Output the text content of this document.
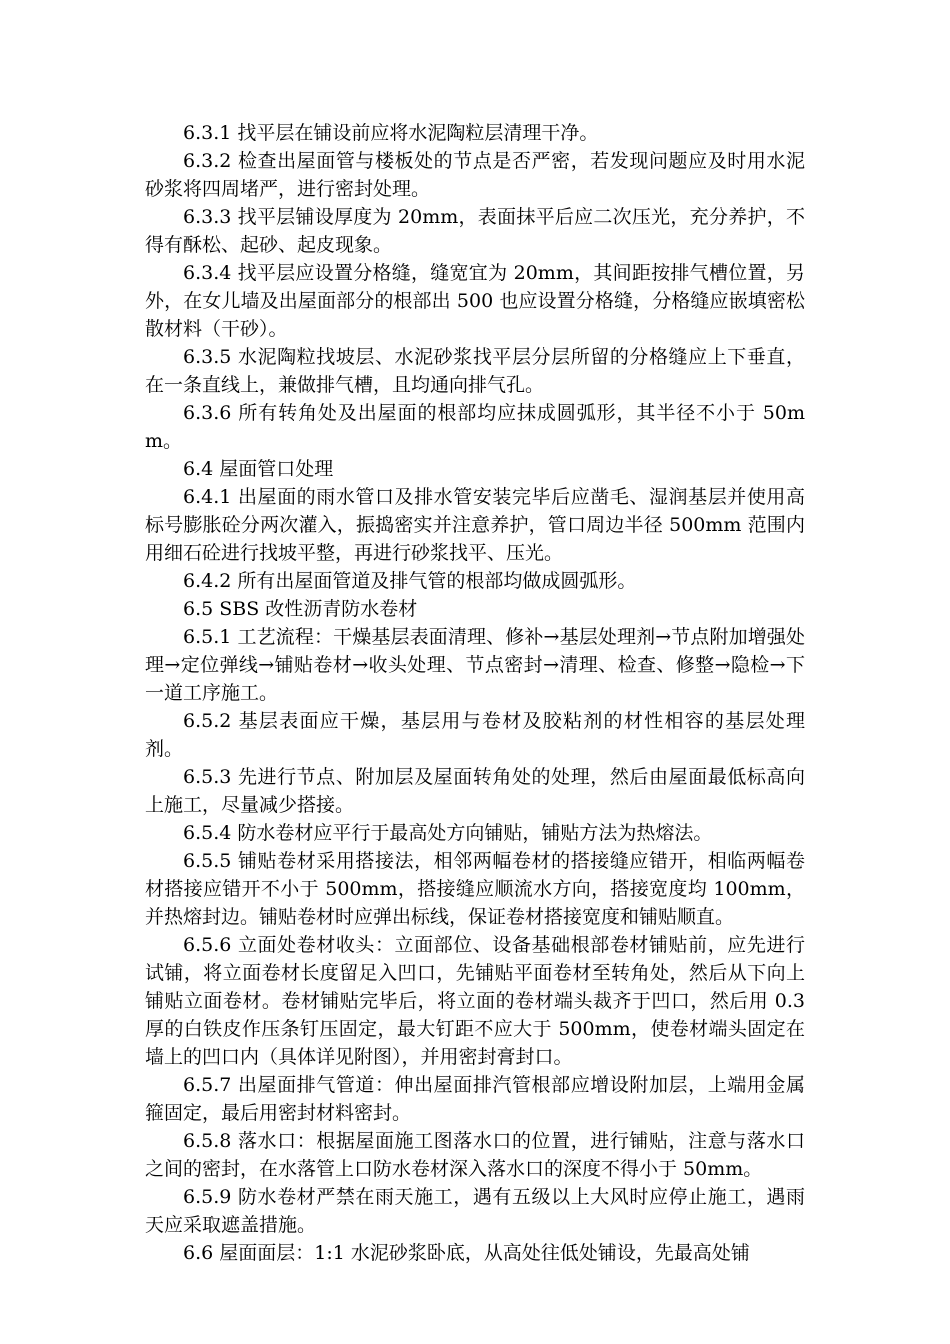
6.3.1 找平层在铺设前应将水泥陶粒层清理干净。

6.3.2 检查出屋面管与楼板处的节点是否严密，若发现问题应及时用水泥砂浆将四周堵严，进行密封处理。

6.3.3 找平层铺设厚度为 20mm，表面抹平后应二次压光，充分养护，不得有酥松、起砂、起皮现象。

6.3.4 找平层应设置分格缝，缝宽宜为 20mm，其间距按排气槽位置，另外，在女儿墙及出屋面部分的根部出 500 也应设置分格缝，分格缝应嵌填密松散材料（干砂）。

6.3.5 水泥陶粒找坡层、水泥砂浆找平层分层所留的分格缝应上下垂直，在一条直线上，兼做排气槽，且均通向排气孔。

6.3.6 所有转角处及出屋面的根部均应抹成圆弧形，其半径不小于 50mm。

6.4 屋面管口处理

6.4.1 出屋面的雨水管口及排水管安装完毕后应凿毛、湿润基层并使用高标号膨胀砼分两次灌入，振捣密实并注意养护，管口周边半径 500mm 范围内用细石砼进行找坡平整，再进行砂浆找平、压光。

6.4.2 所有出屋面管道及排气管的根部均做成圆弧形。

6.5 SBS 改性沥青防水卷材

6.5.1 工艺流程：干燥基层表面清理、修补→基层处理剂→节点附加增强处理→定位弹线→铺贴卷材→收头处理、节点密封→清理、检查、修整→隐检→下一道工序施工。

6.5.2 基层表面应干燥，基层用与卷材及胶粘剂的材性相容的基层处理剂。

6.5.3 先进行节点、附加层及屋面转角处的处理，然后由屋面最低标高向上施工，尽量减少搭接。

6.5.4 防水卷材应平行于最高处方向铺贴，铺贴方法为热熔法。

6.5.5 铺贴卷材采用搭接法，相邻两幅卷材的搭接缝应错开，相临两幅卷材搭接应错开不小于 500mm，搭接缝应顺流水方向，搭接宽度均 100mm，并热熔封边。铺贴卷材时应弹出标线，保证卷材搭接宽度和铺贴顺直。

6.5.6 立面处卷材收头：立面部位、设备基础根部卷材铺贴前，应先进行试铺，将立面卷材长度留足入凹口，先铺贴平面卷材至转角处，然后从下向上铺贴立面卷材。卷材铺贴完毕后，将立面的卷材端头裁齐于凹口，然后用 0.3 厚的白铁皮作压条钉压固定，最大钉距不应大于 500mm，使卷材端头固定在墙上的凹口内（具体详见附图），并用密封膏封口。

6.5.7 出屋面排气管道：伸出屋面排汽管根部应增设附加层，上端用金属箍固定，最后用密封材料密封。

6.5.8 落水口：根据屋面施工图落水口的位置，进行铺贴，注意与落水口之间的密封，在水落管上口防水卷材深入落水口的深度不得小于 50mm。

6.5.9 防水卷材严禁在雨天施工，遇有五级以上大风时应停止施工，遇雨天应采取遮盖措施。

6.6 屋面面层：1:1 水泥砂浆卧底，从高处往低处铺设，先最高处铺
